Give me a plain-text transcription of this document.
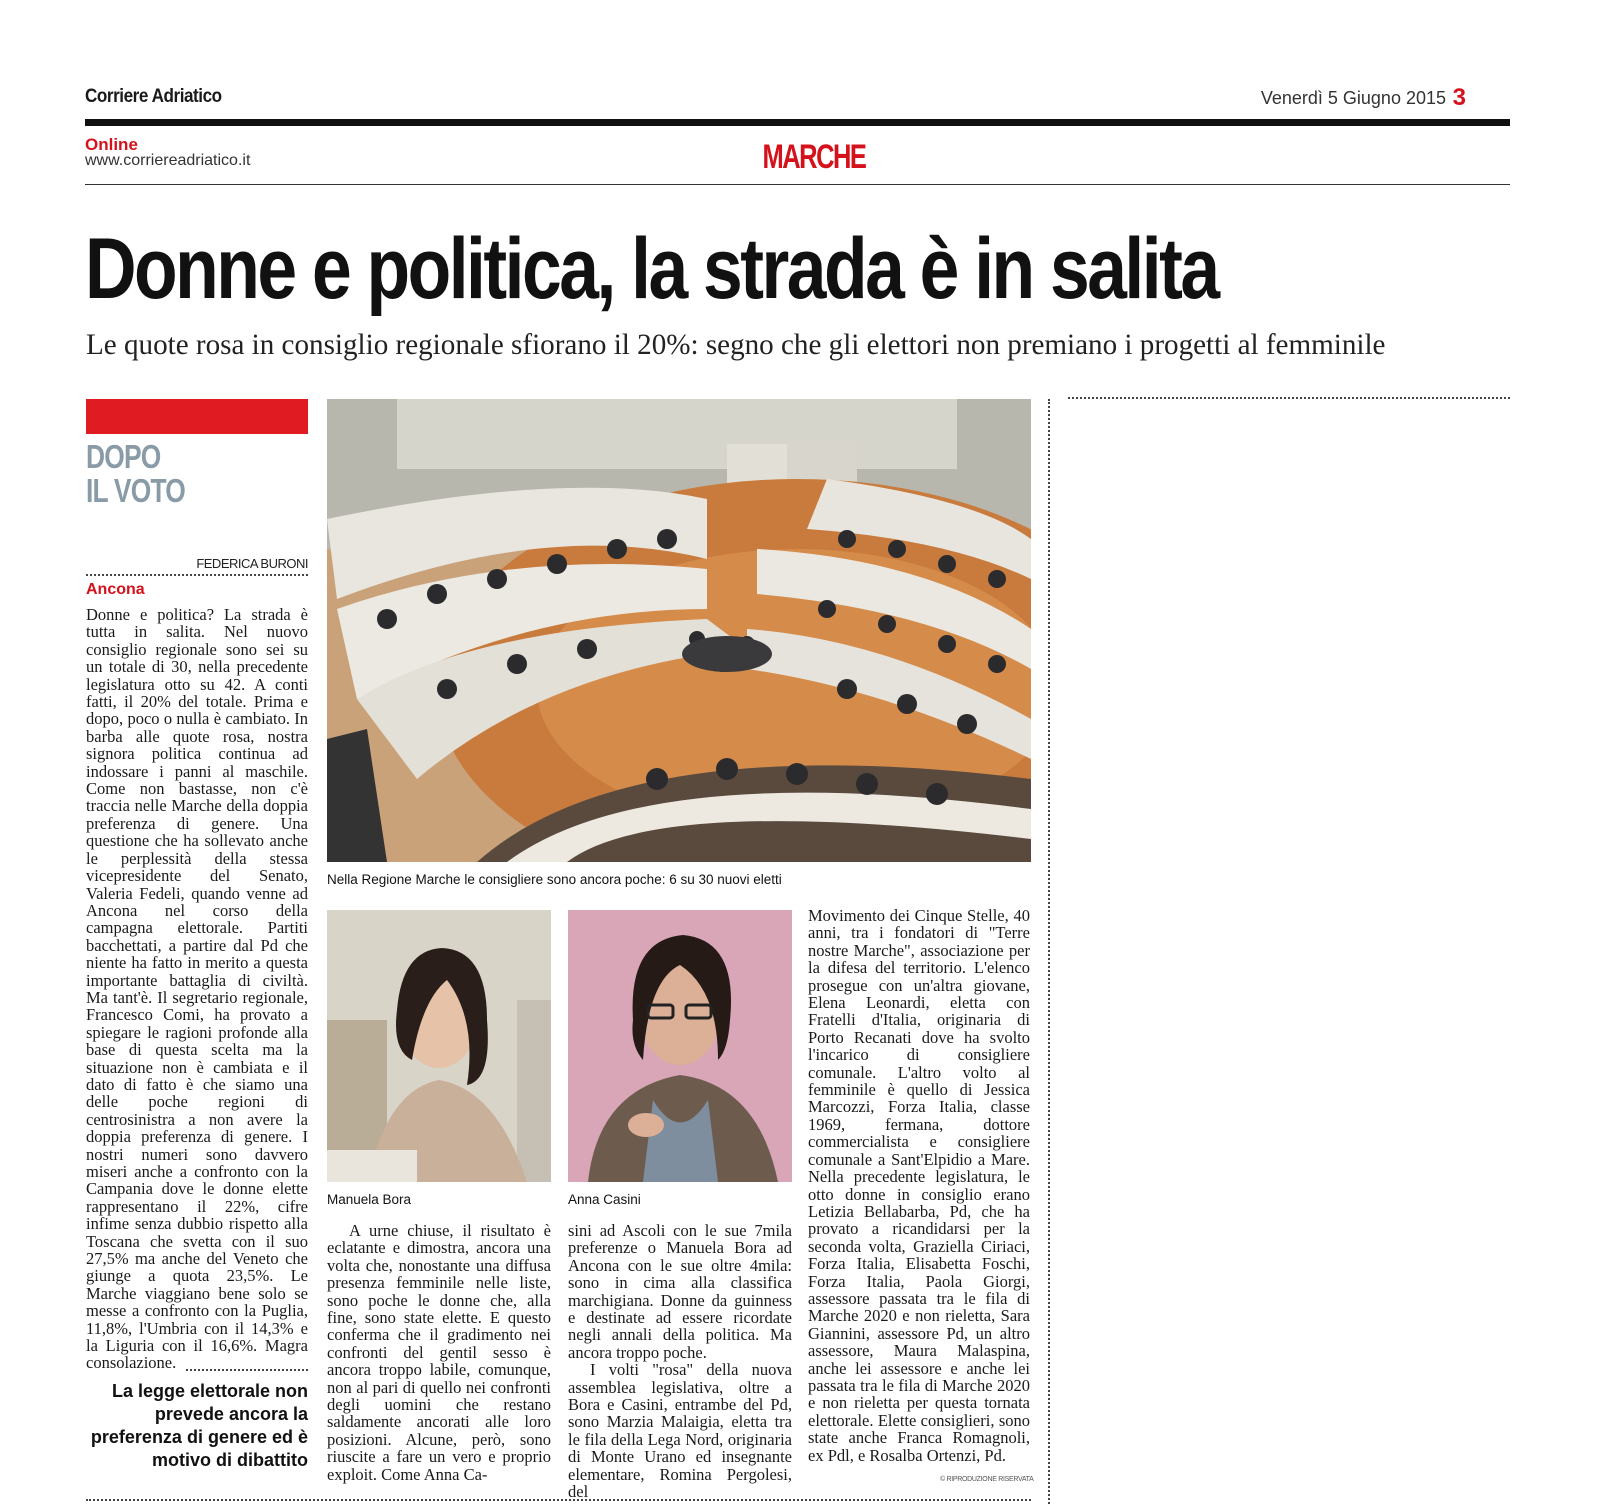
Corriere Adriatico	Venerdì 5 Giugno 2015 3
Online
www.corriereadriatico.it	MARCHE
Donne e politica, la strada è in salita
Le quote rosa in consiglio regionale sfiorano il 20%: segno che gli elettori non premiano i progetti al femminile
DOPO
IL VOTO
FEDERICA BURONI
Ancona
Donne e politica? La strada è tutta in salita. Nel nuovo consiglio regionale sono sei su un totale di 30, nella precedente legislatura otto su 42. A conti fatti, il 20% del totale. Prima e dopo, poco o nulla è cambiato. In barba alle quote rosa, nostra signora politica continua ad indossare i panni al maschile. Come non bastasse, non c'è traccia nelle Marche della doppia preferenza di genere. Una questione che ha sollevato anche le perplessità della stessa vicepresidente del Senato, Valeria Fedeli, quando venne ad Ancona nel corso della campagna elettorale. Partiti bacchettati, a partire dal Pd che niente ha fatto in merito a questa importante battaglia di civiltà. Ma tant'è. Il segretario regionale, Francesco Comi, ha provato a spiegare le ragioni profonde alla base di questa scelta ma la situazione non è cambiata e il dato di fatto è che siamo una delle poche regioni di centrosinistra a non avere la doppia preferenza di genere. I nostri numeri sono davvero miseri anche a confronto con la Campania dove le donne elette rappresentano il 22%, cifre infime senza dubbio rispetto alla Toscana che svetta con il suo 27,5% ma anche del Veneto che giunge a quota 23,5%. Le Marche viaggiano bene solo se messe a confronto con la Puglia, 11,8%, l'Umbria con il 14,3% e la Liguria con il 16,6%. Magra consolazione.
La legge elettorale non prevede ancora la preferenza di genere ed è motivo di dibattito
Nella Regione Marche le consigliere sono ancora poche: 6 su 30 nuovi eletti
Manuela Bora	Anna Casini
A urne chiuse, il risultato è eclatante e dimostra, ancora una volta che, nonostante una diffusa presenza femminile nelle liste, sono poche le donne che, alla fine, sono state elette. E questo conferma che il gradimento nei confronti del gentil sesso è ancora troppo labile, comunque, non al pari di quello nei confronti degli uomini che restano saldamente ancorati alle loro posizioni. Alcune, però, sono riuscite a fare un vero e proprio exploit. Come Anna Ca-

sini ad Ascoli con le sue 7mila preferenze o Manuela Bora ad Ancona con le sue oltre 4mila: sono in cima alla classifica marchigiana. Donne da guinness e destinate ad essere ricordate negli annali della politica. Ma ancora troppo poche.

I volti "rosa" della nuova assemblea legislativa, oltre a Bora e Casini, entrambe del Pd, sono Marzia Malaigia, eletta tra le fila della Lega Nord, originaria di Monte Urano ed insegnante elementare, Romina Pergolesi, del

Movimento dei Cinque Stelle, 40 anni, tra i fondatori di "Terre nostre Marche", associazione per la difesa del territorio. L'elenco prosegue con un'altra giovane, Elena Leonardi, eletta con Fratelli d'Italia, originaria di Porto Recanati dove ha svolto l'incarico di consigliere comunale. L'altro volto al femminile è quello di Jessica Marcozzi, Forza Italia, classe 1969, fermana, dottore commercialista e consigliere comunale a Sant'Elpidio a Mare. Nella precedente legislatura, le otto donne in consiglio erano Letizia Bellabarba, Pd, che ha provato a ricandidarsi per la seconda volta, Graziella Ciriaci, Forza Italia, Elisabetta Foschi, Forza Italia, Paola Giorgi, assessore passata tra le fila di Marche 2020 e non rieletta, Sara Giannini, assessore Pd, un altro assessore, Maura Malaspina, anche lei assessore e anche lei passata tra le fila di Marche 2020 e non rieletta per questa tornata elettorale. Elette consiglieri, sono state anche Franca Romagnoli, ex Pdl, e Rosalba Ortenzi, Pd.
© RIPRODUZIONE RISERVATA
